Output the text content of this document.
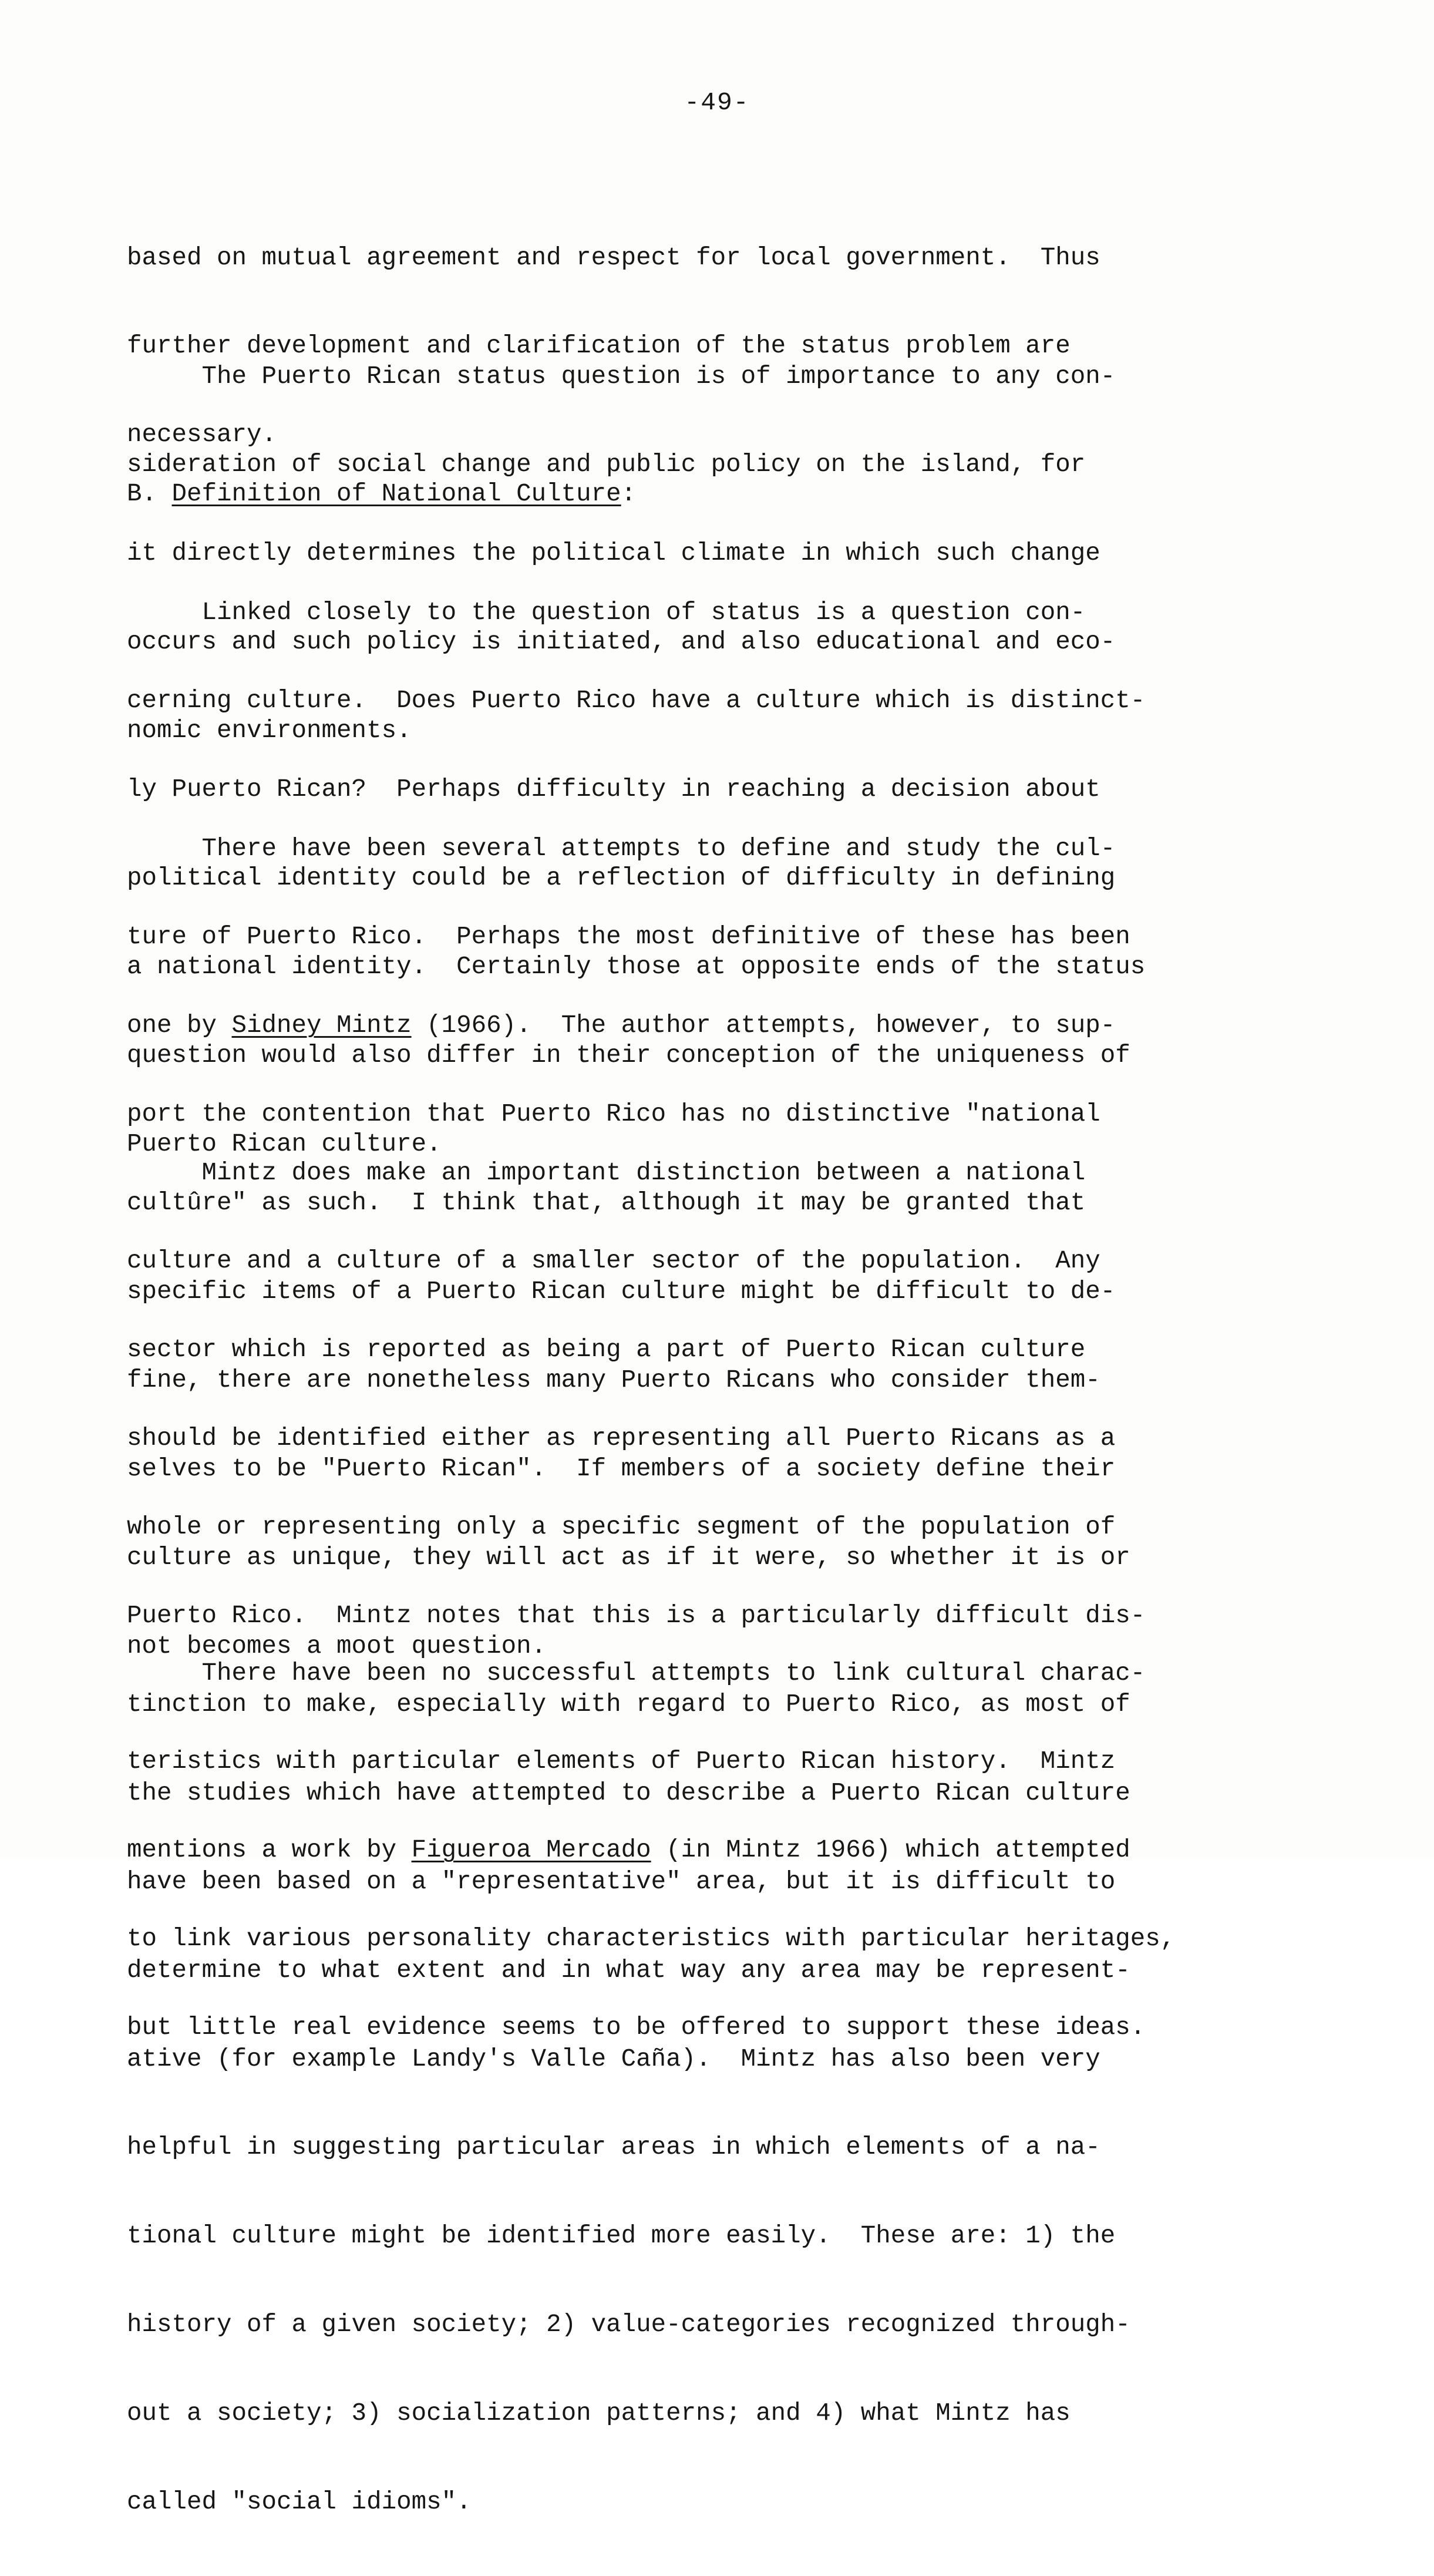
-49-

based on mutual agreement and respect for local government.  Thus

further development and clarification of the status problem are

necessary.

The Puerto Rican status question is of importance to any con-

sideration of social change and public policy on the island, for

it directly determines the political climate in which such change

occurs and such policy is initiated, and also educational and eco-

nomic environments.

B. Definition of National Culture:

Linked closely to the question of status is a question con-

cerning culture.  Does Puerto Rico have a culture which is distinct-

ly Puerto Rican?  Perhaps difficulty in reaching a decision about

political identity could be a reflection of difficulty in defining

a national identity.  Certainly those at opposite ends of the status

question would also differ in their conception of the uniqueness of

Puerto Rican culture.

There have been several attempts to define and study the cul-

ture of Puerto Rico.  Perhaps the most definitive of these has been

one by Sidney Mintz (1966).  The author attempts, however, to sup-

port the contention that Puerto Rico has no distinctive "national

cultûre" as such.  I think that, although it may be granted that

specific items of a Puerto Rican culture might be difficult to de-

fine, there are nonetheless many Puerto Ricans who consider them-

selves to be "Puerto Rican".  If members of a society define their

culture as unique, they will act as if it were, so whether it is or

not becomes a moot question.

Mintz does make an important distinction between a national

culture and a culture of a smaller sector of the population.  Any

sector which is reported as being a part of Puerto Rican culture

should be identified either as representing all Puerto Ricans as a

whole or representing only a specific segment of the population of

Puerto Rico.  Mintz notes that this is a particularly difficult dis-

tinction to make, especially with regard to Puerto Rico, as most of

the studies which have attempted to describe a Puerto Rican culture

have been based on a "representative" area, but it is difficult to

determine to what extent and in what way any area may be represent-

ative (for example Landy's Valle Caña).  Mintz has also been very

helpful in suggesting particular areas in which elements of a na-

tional culture might be identified more easily.  These are: 1) the

history of a given society; 2) value-categories recognized through-

out a society; 3) socialization patterns; and 4) what Mintz has

called "social idioms".

There have been no successful attempts to link cultural charac-

teristics with particular elements of Puerto Rican history.  Mintz

mentions a work by Figueroa Mercado (in Mintz 1966) which attempted

to link various personality characteristics with particular heritages,

but little real evidence seems to be offered to support these ideas.
